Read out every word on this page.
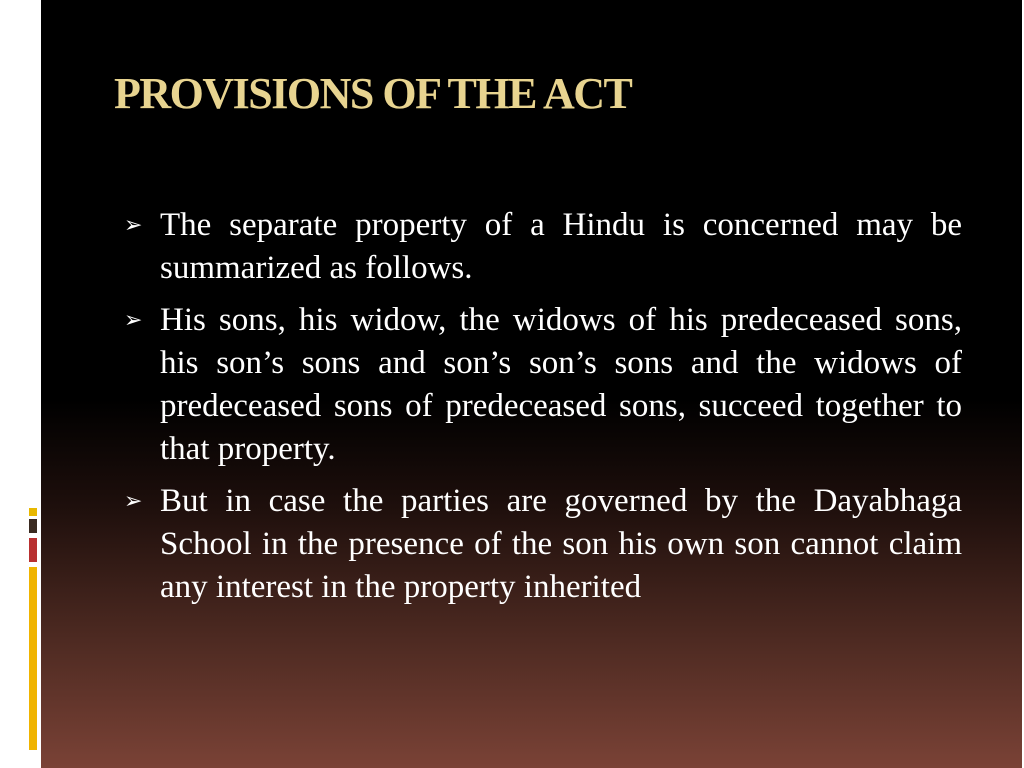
PROVISIONS OF THE ACT
➢ The separate property of a Hindu is concerned may be summarized as follows.
➢ His sons, his widow, the widows of his predeceased sons, his son’s sons and son’s son’s sons and the widows of predeceased sons of predeceased sons, succeed together to that property.
➢ But in case the parties are governed by the Dayabhaga School in the presence of the son his own son cannot claim any interest in the property inherited
